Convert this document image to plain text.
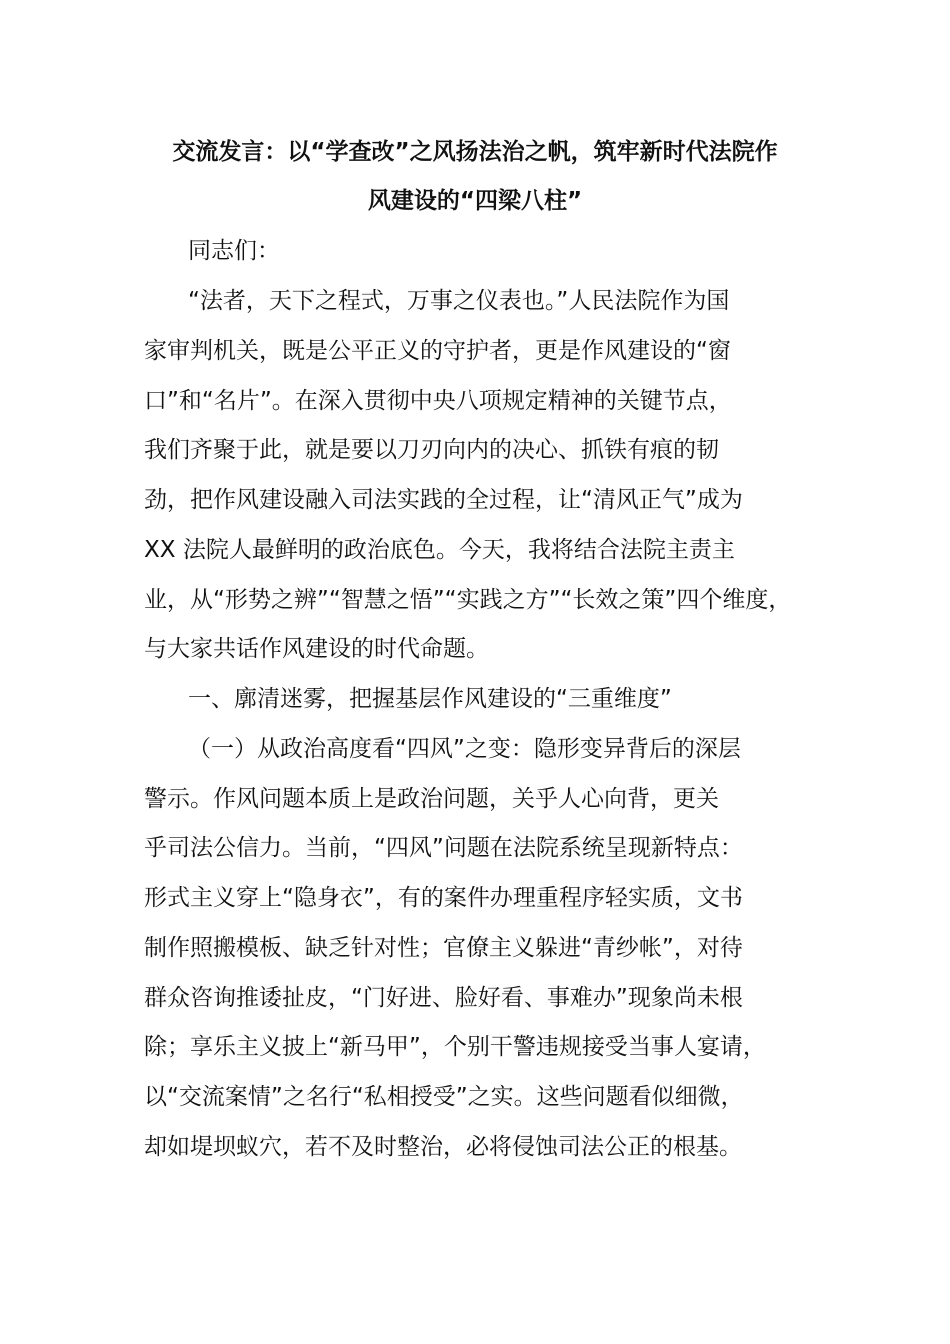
交流发言：以“学查改”之风扬法治之帆，筑牢新时代法院作
风建设的“四梁八柱”
同志们：
“法者，天下之程式，万事之仪表也。”人民法院作为国
家审判机关，既是公平正义的守护者，更是作风建设的“窗
口”和“名片”。在深入贯彻中央八项规定精神的关键节点，
我们齐聚于此，就是要以刀刃向内的决心、抓铁有痕的韧
劲，把作风建设融入司法实践的全过程，让“清风正气”成为
XX 法院人最鲜明的政治底色。今天，我将结合法院主责主
业，从“形势之辨”“智慧之悟”“实践之方”“长效之策”四个维度，
与大家共话作风建设的时代命题。
一、廓清迷雾，把握基层作风建设的“三重维度”
（一）从政治高度看“四风”之变：隐形变异背后的深层
警示。作风问题本质上是政治问题，关乎人心向背，更关
乎司法公信力。当前，“四风”问题在法院系统呈现新特点：
形式主义穿上“隐身衣”，有的案件办理重程序轻实质，文书
制作照搬模板、缺乏针对性；官僚主义躲进“青纱帐”，对待
群众咨询推诿扯皮，“门好进、脸好看、事难办”现象尚未根
除；享乐主义披上“新马甲”，个别干警违规接受当事人宴请，
以“交流案情”之名行“私相授受”之实。这些问题看似细微，
却如堤坝蚁穴，若不及时整治，必将侵蚀司法公正的根基。
